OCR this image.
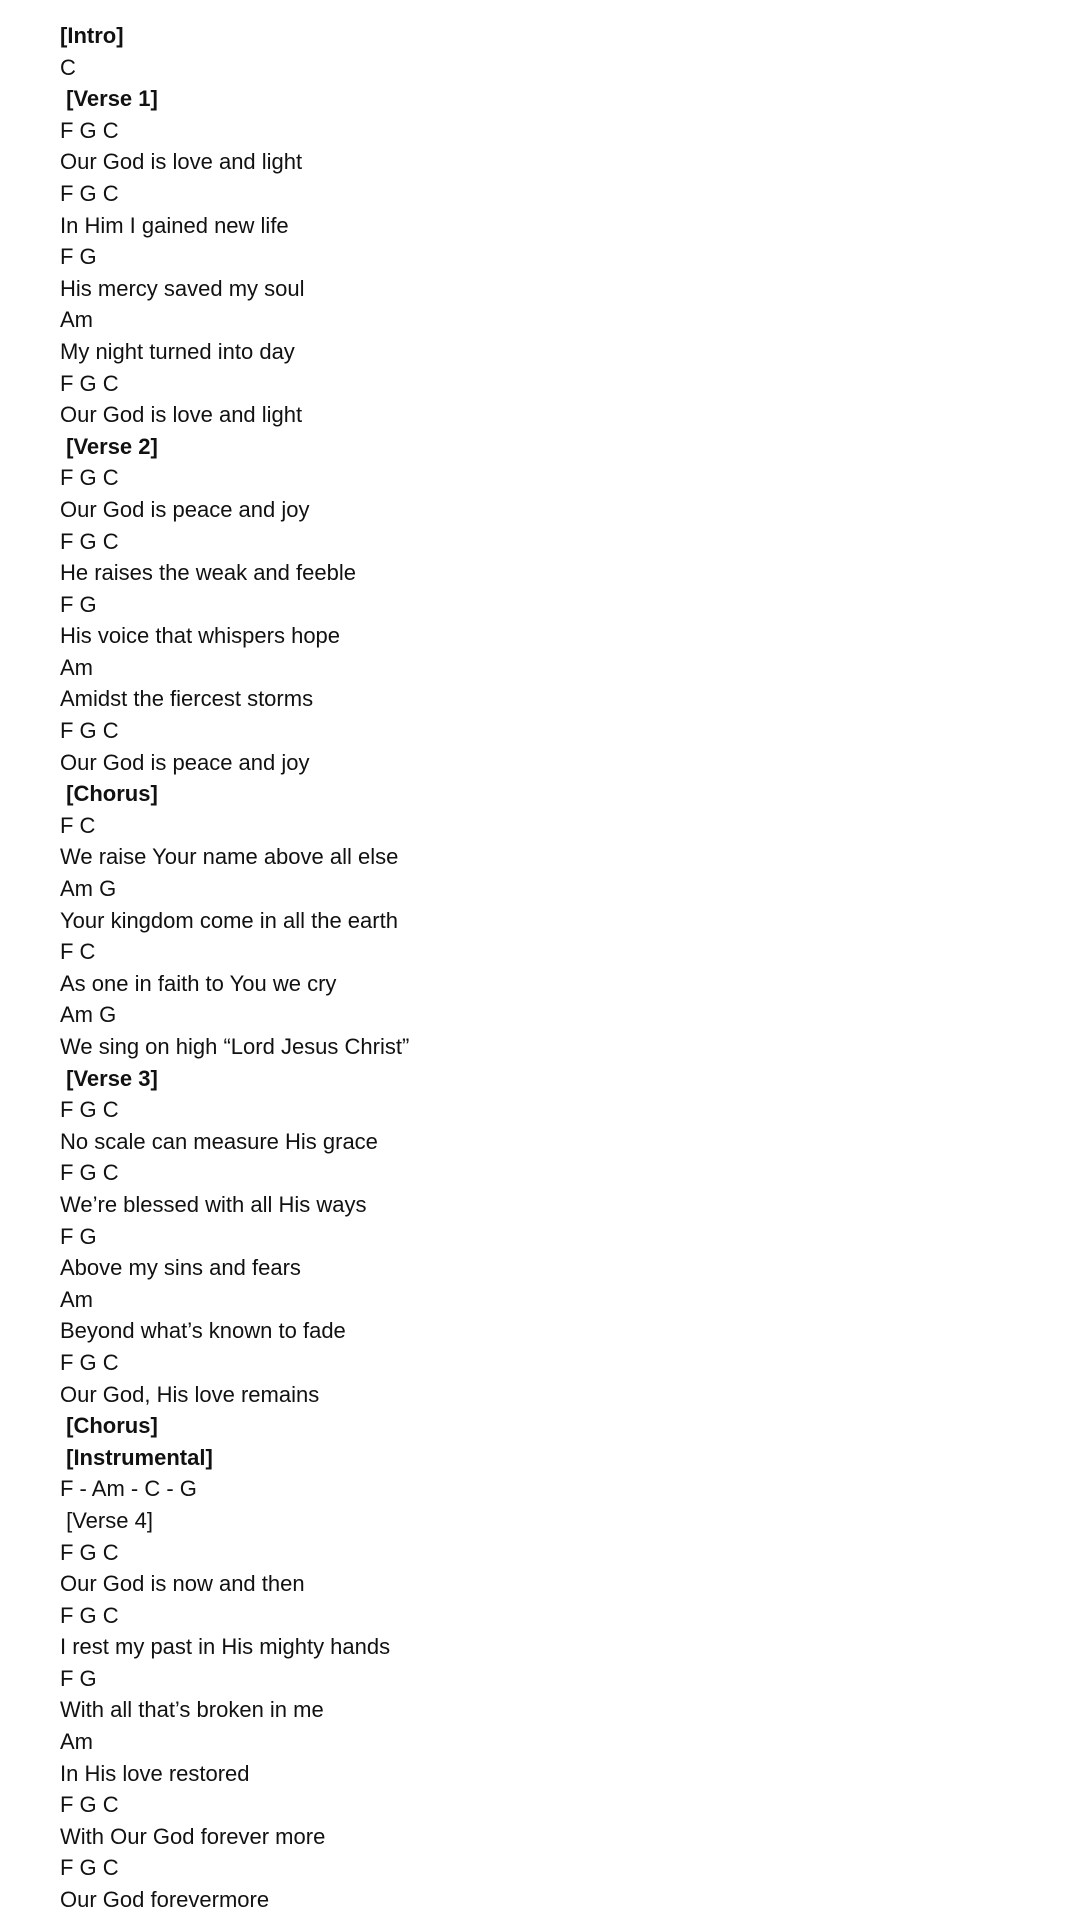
[Intro]
C
[Verse 1]
F G C
Our God is love and light
F G C
In Him I gained new life
F G
His mercy saved my soul
Am
My night turned into day
F G C
Our God is love and light
[Verse 2]
F G C
Our God is peace and joy
F G C
He raises the weak and feeble
F G
His voice that whispers hope
Am
Amidst the fiercest storms
F G C
Our God is peace and joy
[Chorus]
F C
We raise Your name above all else
Am G
Your kingdom come in all the earth
F C
As one in faith to You we cry
Am G
We sing on high “Lord Jesus Christ”
[Verse 3]
F G C
No scale can measure His grace
F G C
We’re blessed with all His ways
F G
Above my sins and fears
Am
Beyond what’s known to fade
F G C
Our God, His love remains
[Chorus]
[Instrumental]
F - Am - C - G
[Verse 4]
F G C
Our God is now and then
F G C
I rest my past in His mighty hands
F G
With all that’s broken in me
Am
In His love restored
F G C
With Our God forever more
F G C
Our God forevermore
